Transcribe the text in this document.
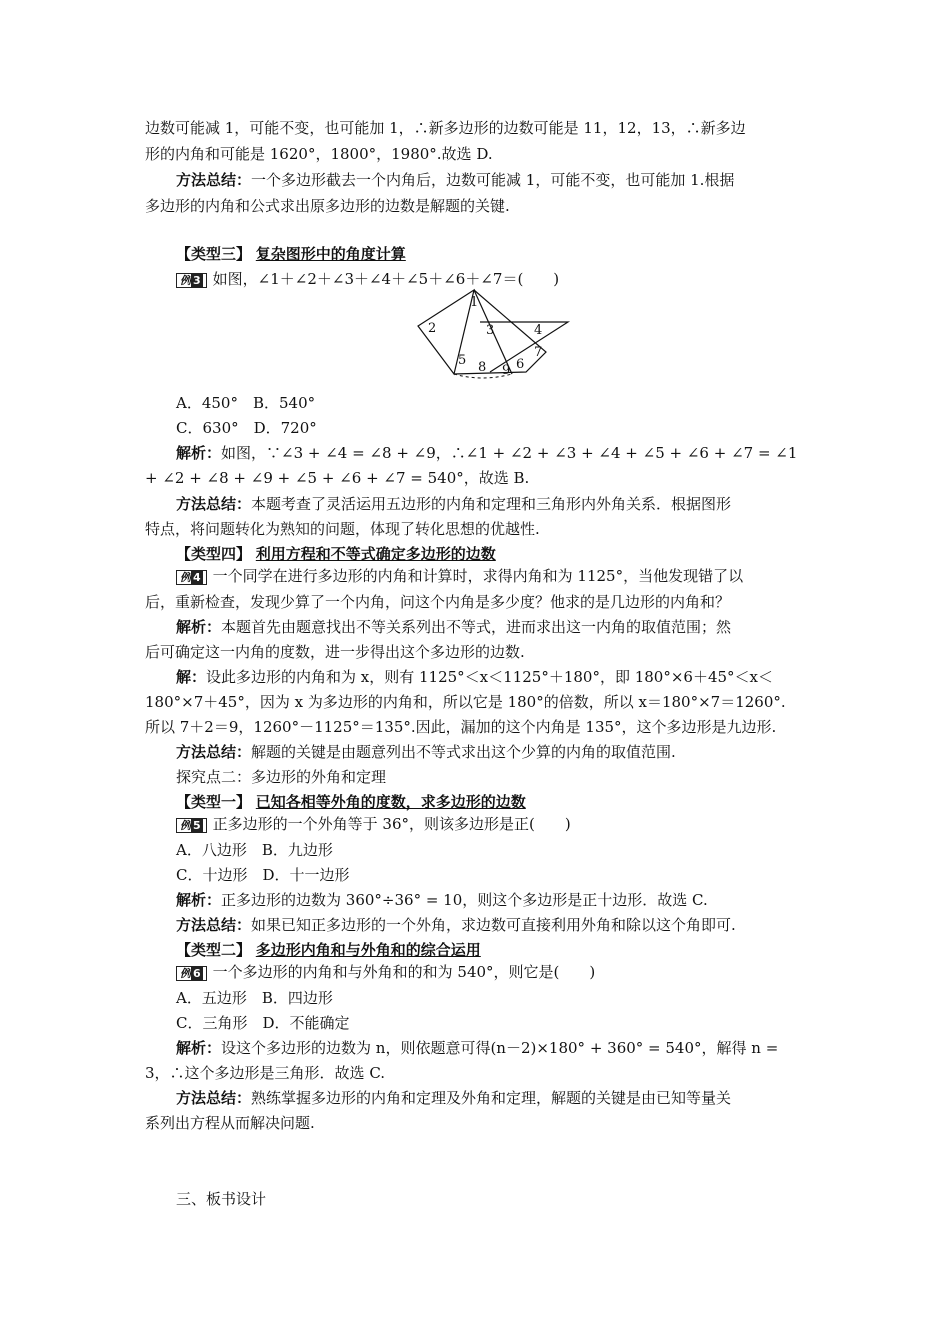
边数可能减 1，可能不变，也可能加 1，∴新多边形的边数可能是 11，12，13，∴新多边
形的内角和可能是 1620°，1800°，1980°.故选 D.
方法总结：一个多边形截去一个内角后，边数可能减 1，可能不变，也可能加 1.根据
多边形的内角和公式求出原多边形的边数是解题的关键.
【类型三】 复杂图形中的角度计算
例 3 如图，∠1＋∠2＋∠3＋∠4＋∠5＋∠6＋∠7＝(　　)
1
2	3	4
5	6
7
8 9
A．450°　B．540°
C．630°　D．720°
解析：如图，∵∠3 + ∠4 = ∠8 + ∠9，∴∠1 + ∠2 + ∠3 + ∠4 + ∠5 + ∠6 + ∠7 = ∠1
+ ∠2 + ∠8 + ∠9 + ∠5 + ∠6 + ∠7 = 540°，故选 B.
方法总结：本题考查了灵活运用五边形的内角和定理和三角形内外角关系．根据图形
特点，将问题转化为熟知的问题，体现了转化思想的优越性.
【类型四】 利用方程和不等式确定多边形的边数
例 4 一个同学在进行多边形的内角和计算时，求得内角和为 1125°，当他发现错了以
后，重新检查，发现少算了一个内角，问这个内角是多少度？他求的是几边形的内角和？
解析：本题首先由题意找出不等关系列出不等式，进而求出这一内角的取值范围；然
后可确定这一内角的度数，进一步得出这个多边形的边数.
解：设此多边形的内角和为 x，则有 1125°＜x＜1125°＋180°，即 180°×6＋45°＜x＜
180°×7＋45°，因为 x 为多边形的内角和，所以它是 180°的倍数，所以 x＝180°×7＝1260°.
所以 7＋2＝9，1260°－1125°＝135°.因此，漏加的这个内角是 135°，这个多边形是九边形.
方法总结：解题的关键是由题意列出不等式求出这个少算的内角的取值范围.
探究点二：多边形的外角和定理
【类型一】 已知各相等外角的度数，求多边形的边数
例 5 正多边形的一个外角等于 36°，则该多边形是正(　　)
A．八边形　B．九边形
C．十边形　D．十一边形
解析：正多边形的边数为 360°÷36° = 10，则这个多边形是正十边形．故选 C.
方法总结：如果已知正多边形的一个外角，求边数可直接利用外角和除以这个角即可.
【类型二】 多边形内角和与外角和的综合运用
例 6 一个多边形的内角和与外角和的和为 540°，则它是(　　)
A．五边形　B．四边形
C．三角形　D．不能确定
解析：设这个多边形的边数为 n，则依题意可得(n－2)×180° + 360° = 540°，解得 n =
3，∴这个多边形是三角形．故选 C.
方法总结：熟练掌握多边形的内角和定理及外角和定理，解题的关键是由已知等量关
系列出方程从而解决问题.
三、板书设计
